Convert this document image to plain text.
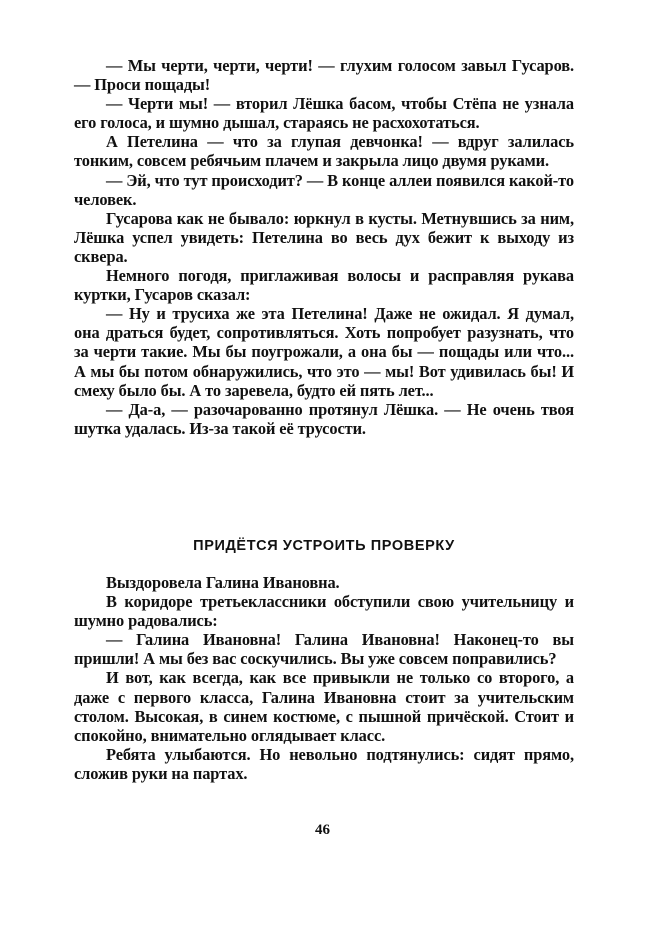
— Мы черти, черти, черти! — глухим голосом завыл Гусаров. — Проси пощады!

— Черти мы! — вторил Лёшка басом, чтобы Стёпа не узнала его голоса, и шумно дышал, стараясь не расхохотаться.

А Петелина — что за глупая девчонка! — вдруг залилась тонким, совсем ребячьим плачем и закрыла лицо двумя руками.

— Эй, что тут происходит? — В конце аллеи появился какой-то человек.

Гусарова как не бывало: юркнул в кусты. Метнувшись за ним, Лёшка успел увидеть: Петелина во весь дух бежит к выходу из сквера.

Немного погодя, приглаживая волосы и расправляя рукава куртки, Гусаров сказал:

— Ну и трусиха же эта Петелина! Даже не ожидал. Я думал, она драться будет, сопротивляться. Хоть попробует разузнать, что за черти такие. Мы бы поугрожали, а она бы — пощады или что... А мы бы потом обнаружились, что это — мы! Вот удивилась бы! И смеху было бы. А то заревела, будто ей пять лет...

— Да-а, — разочарованно протянул Лёшка. — Не очень твоя шутка удалась. Из-за такой её трусости.

ПРИДЁТСЯ УСТРОИТЬ ПРОВЕРКУ

Выздоровела Галина Ивановна.

В коридоре третьеклассники обступили свою учительницу и шумно радовались:

— Галина Ивановна! Галина Ивановна! Наконец-то вы пришли! А мы без вас соскучились. Вы уже совсем поправились?

И вот, как всегда, как все привыкли не только со второго, а даже с первого класса, Галина Ивановна стоит за учительским столом. Высокая, в синем костюме, с пышной причёской. Стоит и спокойно, внимательно оглядывает класс.

Ребята улыбаются. Но невольно подтянулись: сидят прямо, сложив руки на партах.

46
